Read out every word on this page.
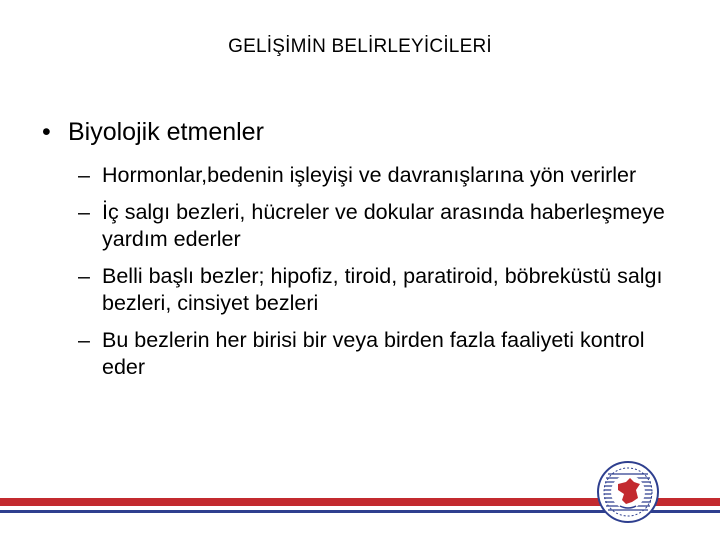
GELİŞİMİN BELİRLEYİCİLERİ
• Biyolojik etmenler
– Hormonlar,bedenin işleyişi ve davranışlarına yön verirler
– İç salgı bezleri, hücreler ve dokular arasında haberleşmeye yardım ederler
– Belli başlı bezler; hipofiz, tiroid, paratiroid, böbreküstü salgı bezleri, cinsiyet bezleri
– Bu bezlerin her birisi bir veya birden fazla faaliyeti kontrol eder
